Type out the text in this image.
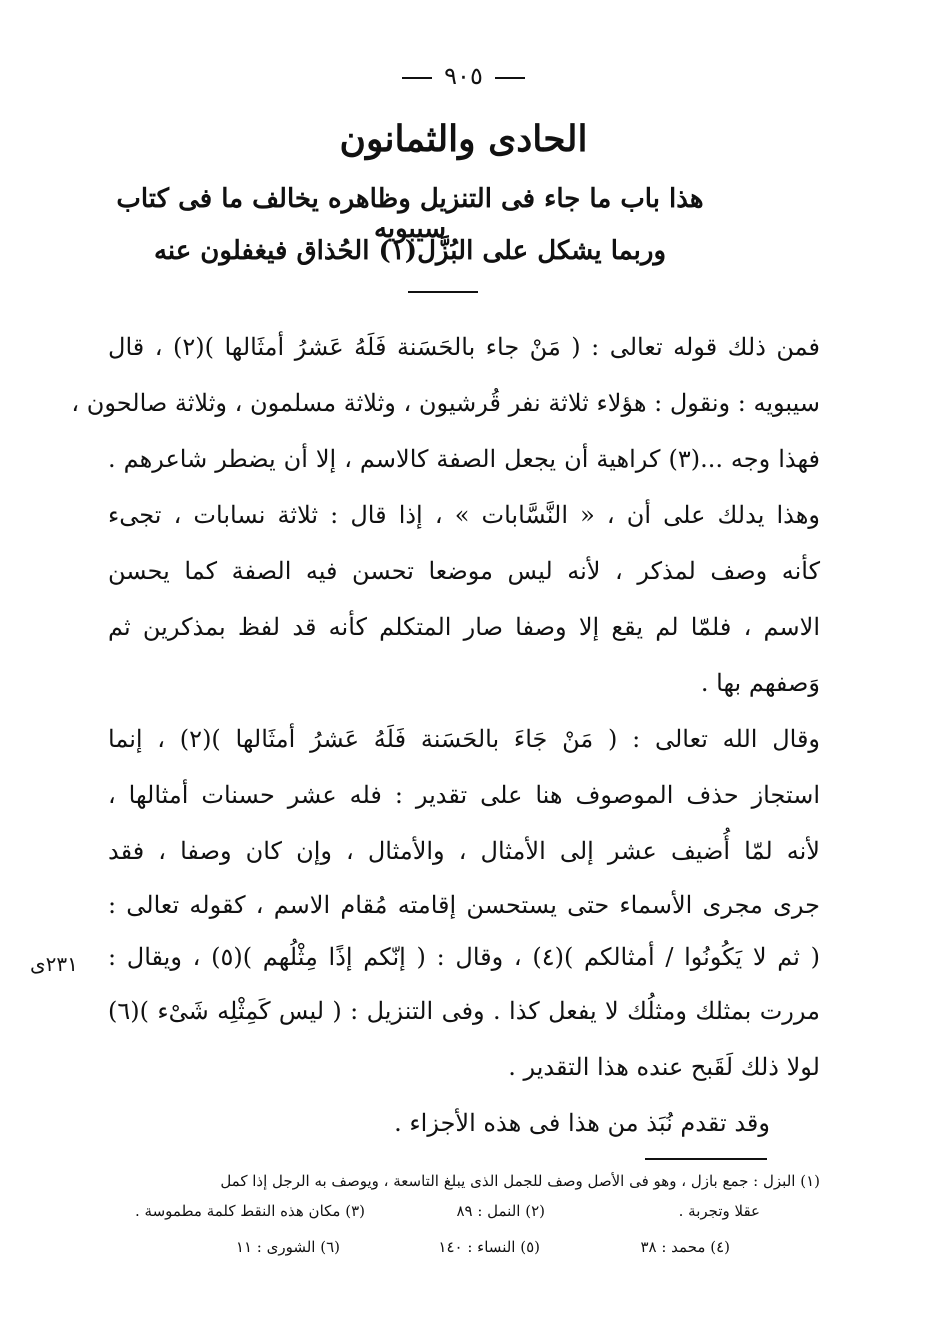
٩٠٥
الحادى والثمانون
هذا باب ما جاء فى التنزيل وظاهره يخالف ما فى كتاب سيبويه
وربما يشكل على البُزَّل(١) الحُذاق فيغفلون عنه
فمن ذلك قوله تعالى : ( مَنْ جاء بالحَسَنة فَلَهُ عَشرُ أمثَالها )(٢) ، قال
سيبويه : ونقول : هؤلاء ثلاثة نفر قُرشيون ، وثلاثة مسلمون ، وثلاثة صالحون ،
فهذا وجه ...(٣) كراهية أن يجعل الصفة كالاسم ، إلا أن يضطر شاعرهم .
وهذا يدلك على أن ، « النَّسَّابات » ، إذا قال : ثلاثة نسابات ، تجىء
كأنه وصف لمذكر ، لأنه ليس موضعا تحسن فيه الصفة كما يحسن
الاسم ، فلمّا لم يقع إلا وصفا صار المتكلم كأنه قد لفظ بمذكرين ثم
وَصفهم بها .
وقال الله تعالى : ( مَنْ جَاءَ بالحَسَنة فَلَهُ عَشرُ أمثَالها )(٢) ، إنما
استجاز حذف الموصوف هنا على تقدير : فله عشر حسنات أمثالها ،
لأنه لمّا أُضيف عشر إلى الأمثال ، والأمثال ، وإن كان وصفا ، فقد
جرى مجرى الأسماء حتى يستحسن إقامته مُقام الاسم ، كقوله تعالى :
( ثم لا يَكُونُوا / أمثالكم )(٤) ، وقال : ( إنّكم إذًا مِثْلُهم )(٥) ، ويقال :
مررت بمثلك ومثلُك لا يفعل كذا . وفى التنزيل : ( ليس كَمِثْلِه شَىْء )(٦)
لولا ذلك لَقَبح عنده هذا التقدير .
وقد تقدم نُبَذ من هذا فى هذه الأجزاء .
٢٣١ى
(١) البزل : جمع بازل ، وهو فى الأصل وصف للجمل الذى يبلغ التاسعة ، ويوصف به الرجل إذا كمل
عقلا وتجربة .
(٢) النمل : ٨٩
(٣) مكان هذه النقط كلمة مطموسة .
(٤) محمد : ٣٨
(٥) النساء : ١٤٠
(٦) الشورى : ١١
